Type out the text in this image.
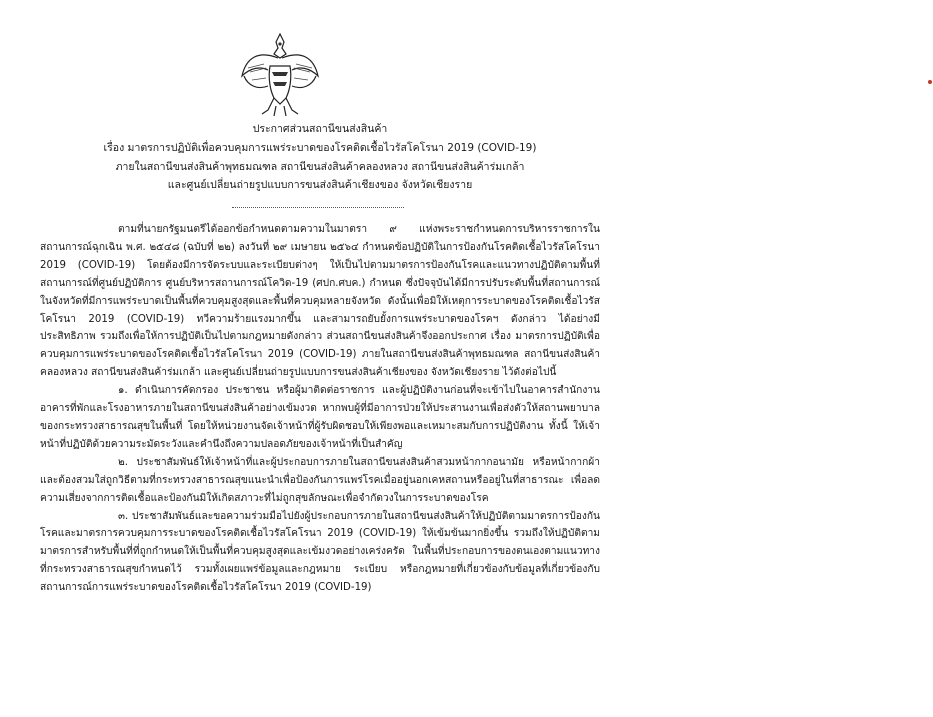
ประกาศส่วนสถานีขนส่งสินค้า
เรื่อง มาตรการปฏิบัติเพื่อควบคุมการแพร่ระบาดของโรคติดเชื้อไวรัสโคโรนา 2019 (COVID-19)
ภายในสถานีขนส่งสินค้าพุทธมณฑล สถานีขนส่งสินค้าคลองหลวง สถานีขนส่งสินค้าร่มเกล้า
และศูนย์เปลี่ยนถ่ายรูปแบบการขนส่งสินค้าเชียงของ จังหวัดเชียงราย

ตามที่นายกรัฐมนตรีได้ออกข้อกำหนดตามความในมาตรา ๙ แห่งพระราชกำหนดการบริหารราชการในสถานการณ์ฉุกเฉิน พ.ศ. ๒๕๔๘ (ฉบับที่ ๒๒) ลงวันที่ ๒๙ เมษายน ๒๕๖๔ กำหนดข้อปฏิบัติในการป้องกันโรคติดเชื้อไวรัสโคโรนา 2019 (COVID-19) โดยต้องมีการจัดระบบและระเบียบต่างๆ ให้เป็นไปตามมาตรการป้องกันโรคและแนวทางปฏิบัติตามพื้นที่สถานการณ์ที่ศูนย์ปฏิบัติการ ศูนย์บริหารสถานการณ์โควิด-19 (ศปก.ศบค.) กำหนด ซึ่งปัจจุบันได้มีการปรับระดับพื้นที่สถานการณ์ในจังหวัดที่มีการแพร่ระบาดเป็นพื้นที่ควบคุมสูงสุดและพื้นที่ควบคุมหลายจังหวัด ดังนั้นเพื่อมิให้เหตุการระบาดของโรคติดเชื้อไวรัสโคโรนา 2019 (COVID-19) ทวีความร้ายแรงมากขึ้น และสามารถยับยั้งการแพร่ระบาดของโรคฯ ดังกล่าว ได้อย่างมีประสิทธิภาพ รวมถึงเพื่อให้การปฏิบัติเป็นไปตามกฎหมายดังกล่าว ส่วนสถานีขนส่งสินค้าจึงออกประกาศ เรื่อง มาตรการปฏิบัติเพื่อควบคุมการแพร่ระบาดของโรคติดเชื้อไวรัสโคโรนา 2019 (COVID-19) ภายในสถานีขนส่งสินค้าพุทธมณฑล สถานีขนส่งสินค้าคลองหลวง สถานีขนส่งสินค้าร่มเกล้า และศูนย์เปลี่ยนถ่ายรูปแบบการขนส่งสินค้าเชียงของ จังหวัดเชียงราย ไว้ดังต่อไปนี้

๑. ดำเนินการคัดกรอง ประชาชน หรือผู้มาติดต่อราชการ และผู้ปฏิบัติงานก่อนที่จะเข้าไปในอาคารสำนักงาน อาคารที่พักและโรงอาหารภายในสถานีขนส่งสินค้าอย่างเข้มงวด หากพบผู้ที่มีอาการป่วยให้ประสานงานเพื่อส่งตัวให้สถานพยาบาลของกระทรวงสาธารณสุขในพื้นที่ โดยให้หน่วยงานจัดเจ้าหน้าที่ผู้รับผิดชอบให้เพียงพอและเหมาะสมกับการปฏิบัติงาน ทั้งนี้ ให้เจ้าหน้าที่ปฏิบัติด้วยความระมัดระวังและคำนึงถึงความปลอดภัยของเจ้าหน้าที่เป็นสำคัญ

๒. ประชาสัมพันธ์ให้เจ้าหน้าที่และผู้ประกอบการภายในสถานีขนส่งสินค้าสวมหน้ากากอนามัย หรือหน้ากากผ้า และต้องสวมใส่ถูกวิธีตามที่กระทรวงสาธารณสุขแนะนำเพื่อป้องกันการแพร่โรคเมื่ออยู่นอกเคหสถานหรืออยู่ในที่สาธารณะ เพื่อลดความเสี่ยงจากการติดเชื้อและป้องกันมิให้เกิดสภาวะที่ไม่ถูกสุขลักษณะเพื่อจำกัดวงในการระบาดของโรค

๓. ประชาสัมพันธ์และขอความร่วมมือไปยังผู้ประกอบการภายในสถานีขนส่งสินค้าให้ปฏิบัติตามมาตรการป้องกันโรคและมาตรการควบคุมการระบาดของโรคติดเชื้อไวรัสโคโรนา 2019 (COVID-19) ให้เข้มข้นมากยิ่งขึ้น รวมถึงให้ปฏิบัติตามมาตรการสำหรับพื้นที่ที่ถูกกำหนดให้เป็นพื้นที่ควบคุมสูงสุดและเข้มงวดอย่างเคร่งครัด ในพื้นที่ประกอบการของตนเองตามแนวทางที่กระทรวงสาธารณสุขกำหนดไว้ รวมทั้งเผยแพร่ข้อมูลและกฎหมาย ระเบียบ หรือกฎหมายที่เกี่ยวข้องกับข้อมูลที่เกี่ยวข้องกับสถานการณ์การแพร่ระบาดของโรคติดเชื้อไวรัสโคโรนา 2019 (COVID-19)
